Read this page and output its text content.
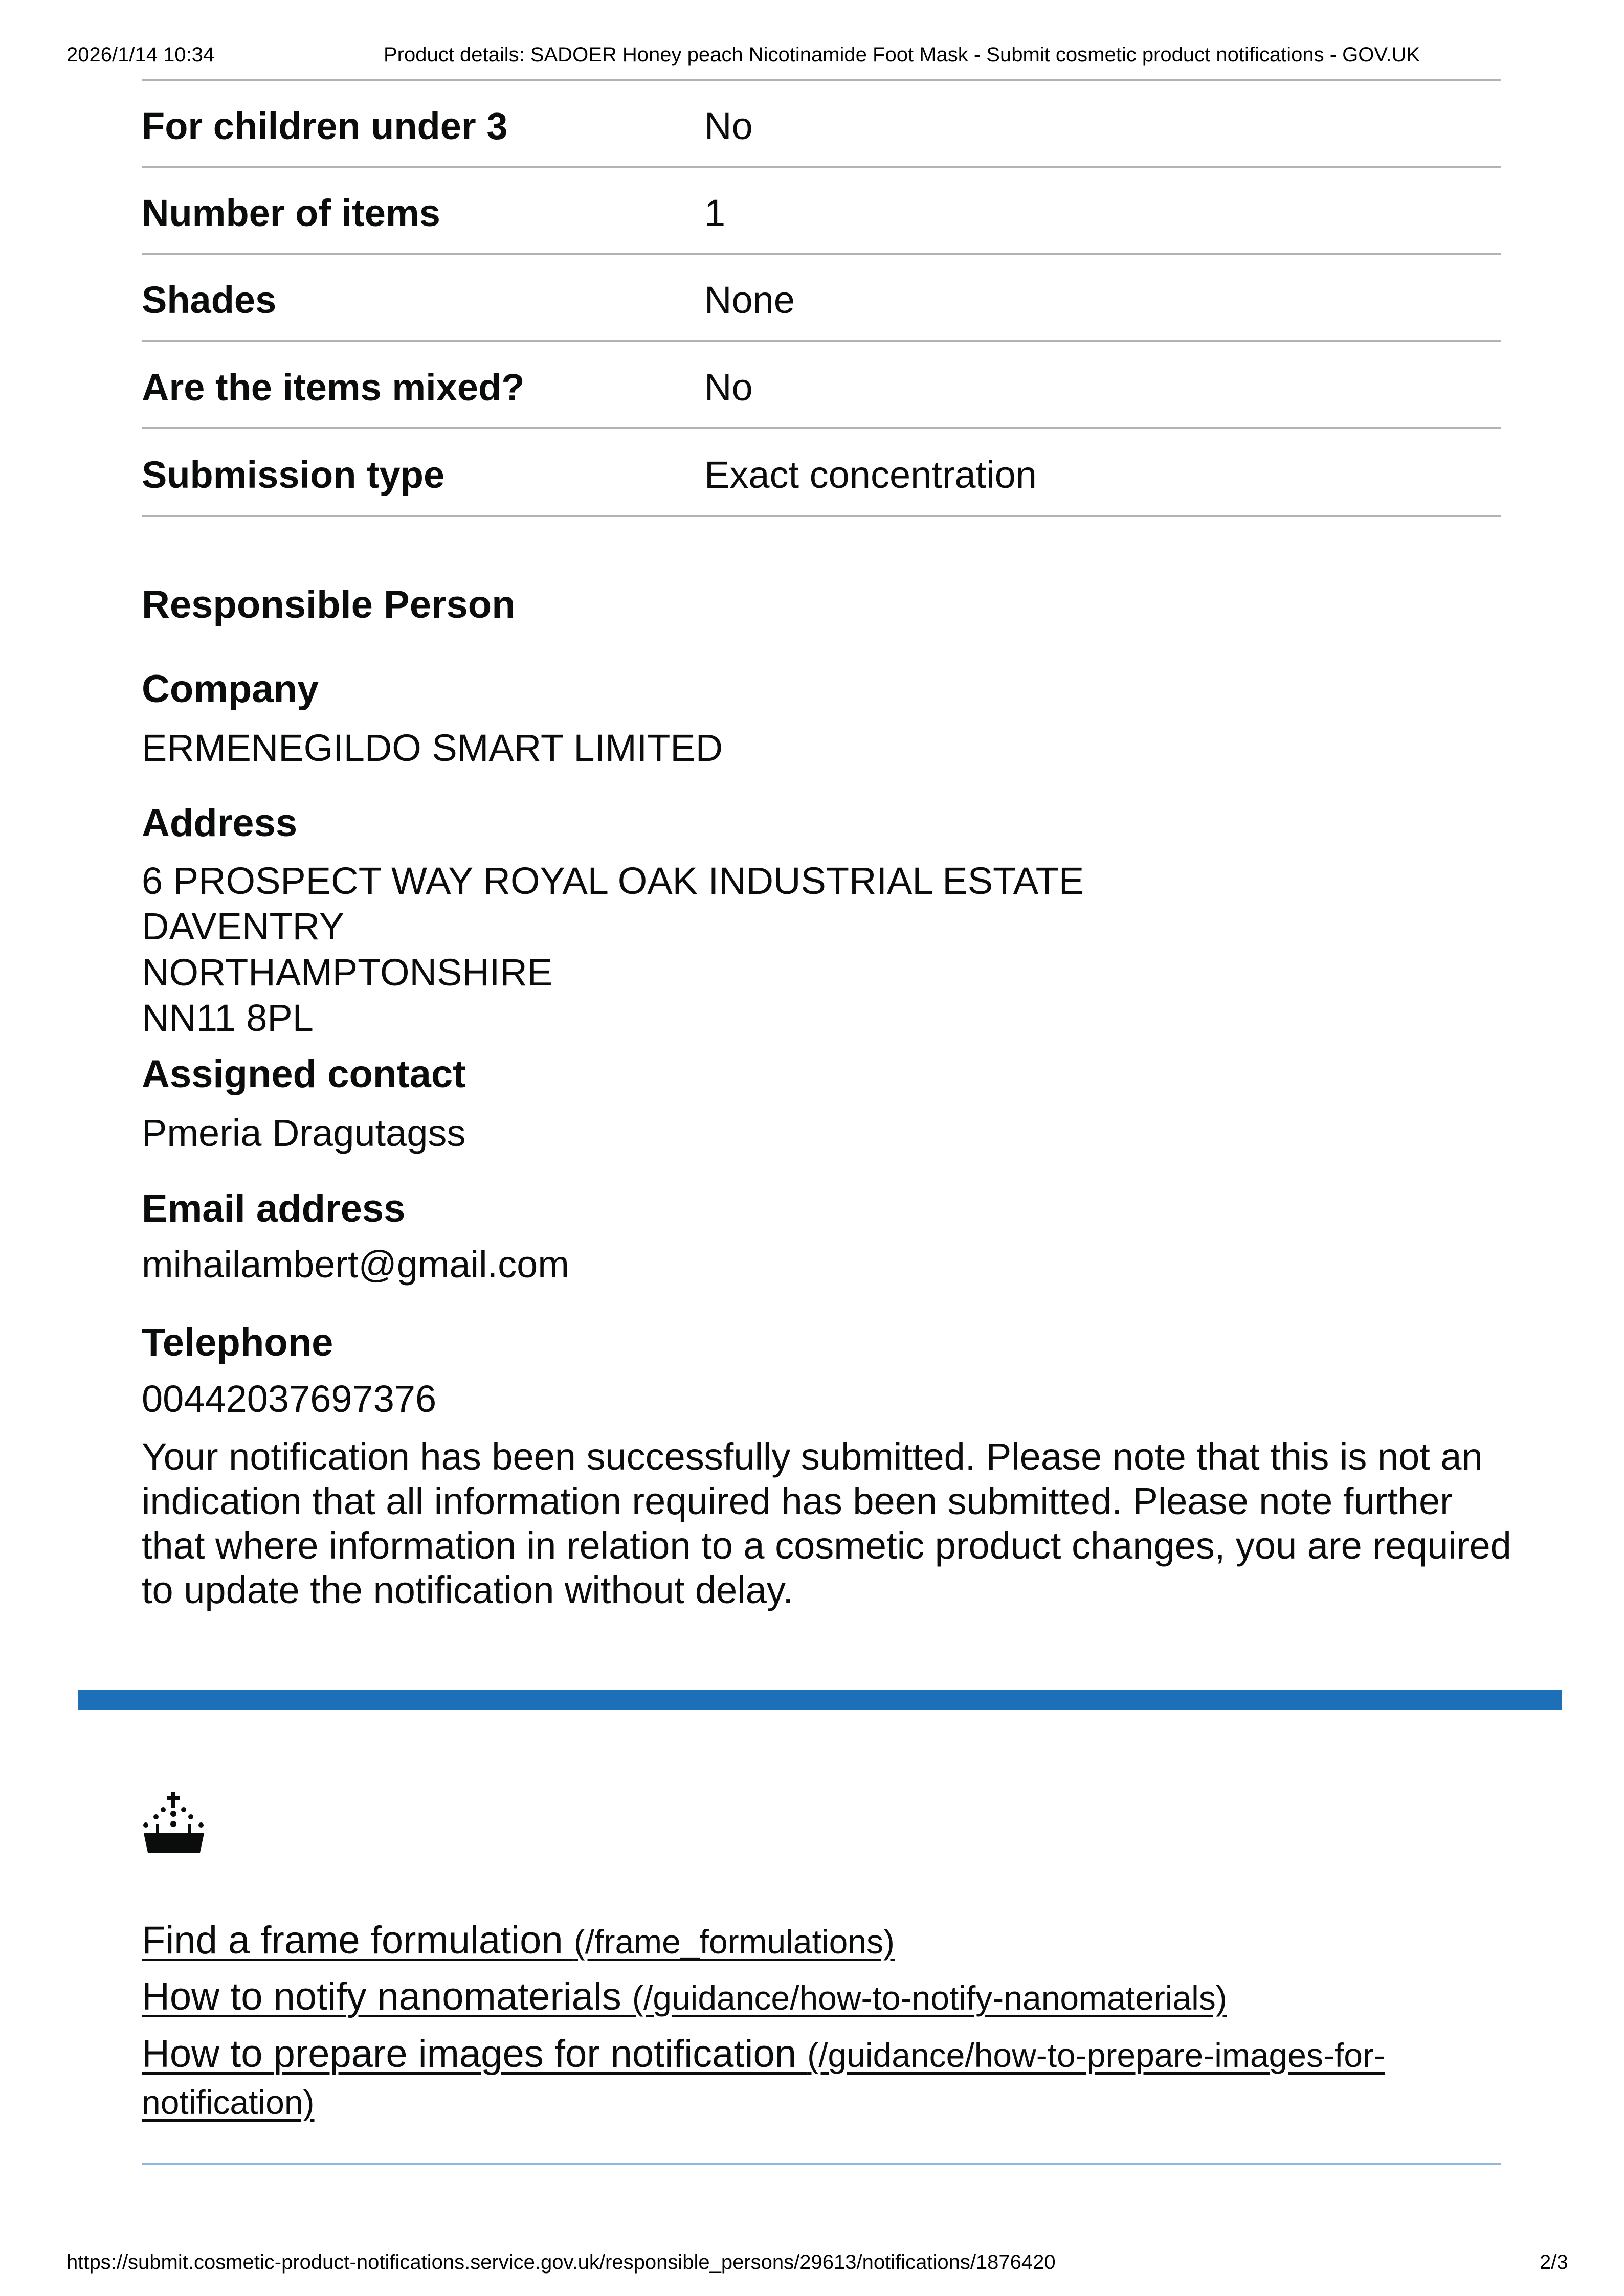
2026/1/14 10:34	Product details: SADOER Honey peach Nicotinamide Foot Mask - Submit cosmetic product notifications - GOV.UK
For children under 3	No
Number of items	1
Shades	None
Are the items mixed?	No
Submission type	Exact concentration
Responsible Person
Company
ERMENEGILDO SMART LIMITED
Address
6 PROSPECT WAY ROYAL OAK INDUSTRIAL ESTATE
DAVENTRY
NORTHAMPTONSHIRE
NN11 8PL
Assigned contact
Pmeria Dragutagss
Email address
mihailambert@gmail.com
Telephone
00442037697376
Your notification has been successfully submitted. Please note that this is not an indication that all information required has been submitted. Please note further that where information in relation to a cosmetic product changes, you are required to update the notification without delay.
Find a frame formulation (/frame_formulations)
How to notify nanomaterials (/guidance/how-to-notify-nanomaterials)
How to prepare images for notification (/guidance/how-to-prepare-images-for-notification)
https://submit.cosmetic-product-notifications.service.gov.uk/responsible_persons/29613/notifications/1876420	2/3
